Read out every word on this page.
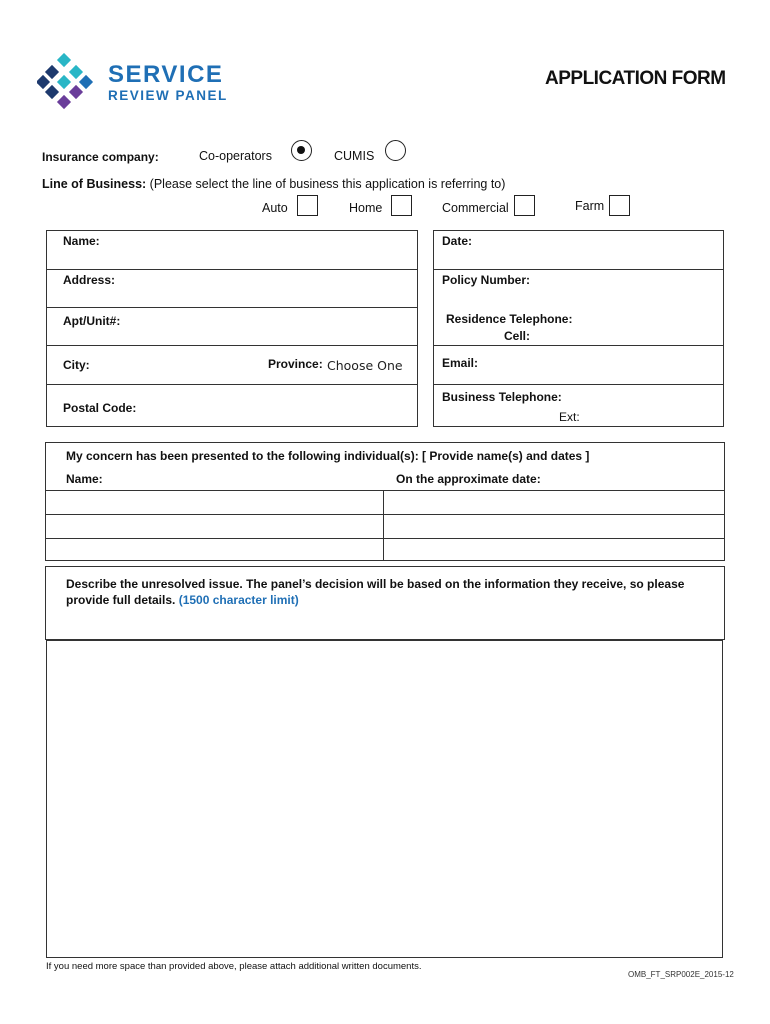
SERVICE
REVIEW PANEL
APPLICATION FORM
Insurance company:	Co-operators	CUMIS
Line of Business: (Please select the line of business this application is referring to)
Auto	Home	Commercial	Farm
Name:
Address:
Apt/Unit#:
City:	Province: Choose One
Postal Code:
Date:
Policy Number:
Residence Telephone:
Cell:
Email:
Business Telephone:
Ext:
My concern has been presented to the following individual(s): [ Provide name(s) and dates ]
Name:	On the approximate date:
Describe the unresolved issue. The panel’s decision will be based on the information they receive, so please provide full details. (1500 character limit)
If you need more space than provided above, please attach additional written documents.
OMB_FT_SRP002E_2015-12
